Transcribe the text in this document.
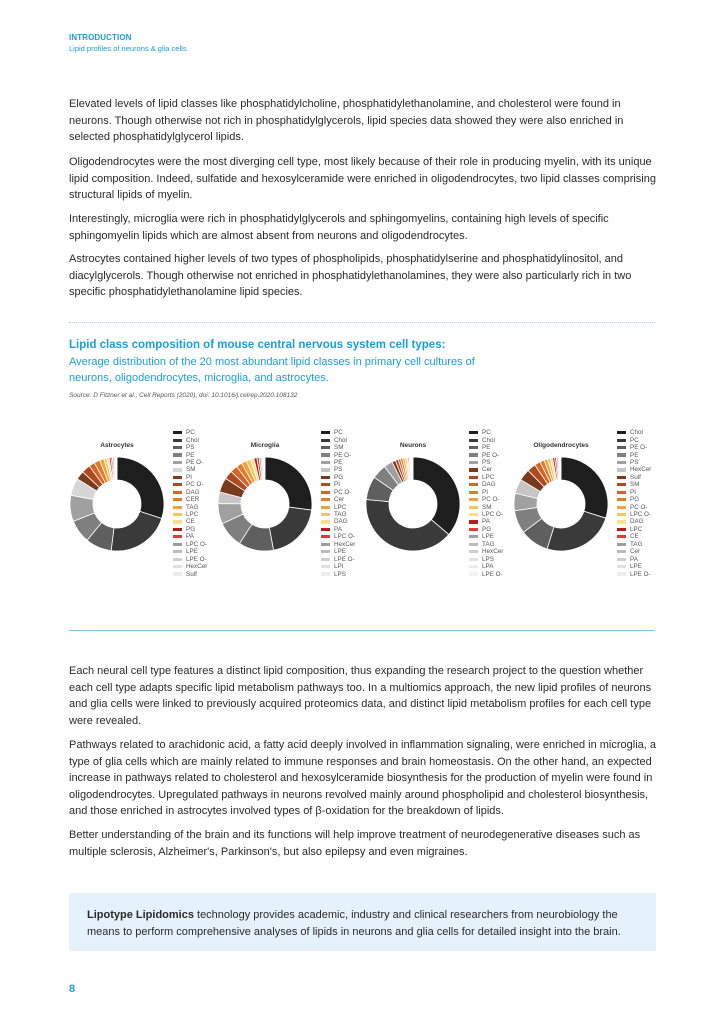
INTRODUCTION
Lipid profiles of neurons & glia cells

Elevated levels of lipid classes like phosphatidylcholine, phosphatidylethanolamine, and cholesterol were found in neurons. Though otherwise not rich in phosphatidylglycerols, lipid species data showed they were also enriched in selected phosphatidylglycerol lipids.

Oligodendrocytes were the most diverging cell type, most likely because of their role in producing myelin, with its unique lipid composition. Indeed, sulfatide and hexosylceramide were enriched in oligodendrocytes, two lipid classes comprising structural lipids of myelin.

Interestingly, microglia were rich in phosphatidylglycerols and sphingomyelins, containing high levels of specific sphingomyelin lipids which are almost absent from neurons and oligodendrocytes.

Astrocytes contained higher levels of two types of phospholipids, phosphatidylserine and phosphatidylinositol, and diacylglycerols. Though otherwise not enriched in phosphatidylethanolamines, they were also particularly rich in two specific phosphatidylethanolamine lipid species.

Lipid class composition of mouse central nervous system cell types:
Average distribution of the 20 most abundant lipid classes in primary cell cultures of neurons, oligodendrocytes, microglia, and astrocytes.
Source: D Fitzner et al., Cell Reports (2020), doi: 10.1016/j.celrep.2020.108132
Astrocytes
PC
Chol
PS
PE
PE O-
SM
PI
PC O-
DAG
CER
TAG
LPC
CE
PG
PA
LPC O-
LPE
LPE O-
HexCer
Sulf
Microglia
PC
Chol
SM
PE O-
PE
PS
PG
PI
PC O-
Cer
LPC
TAG
DAG
PA
LPC O-
HexCer
LPE
LPE O-
LPI
LPS
Neurons
PC
Chol
PE
PE O-
PS
Cer
LPC
DAG
PI
PC O-
SM
LPC O-
PA
PG
LPE
TAG
HexCer
LPS
LPA
LPE O-
Oligodendrocytes
Chol
PC
PE O-
PE
PS
HexCer
Sulf
SM
PI
PG
PC O-
LPC O-
DAG
LPC
CE
TAG
Cer
PA
LPE
LPE O-

Each neural cell type features a distinct lipid composition, thus expanding the research project to the question whether each cell type adapts specific lipid metabolism pathways too. In a multiomics approach, the new lipid profiles of neurons and glia cells were linked to previously acquired proteomics data, and distinct lipid metabolism profiles for each cell type were revealed.

Pathways related to arachidonic acid, a fatty acid deeply involved in inflammation signaling, were enriched in microglia, a type of glia cells which are mainly related to immune responses and brain homeostasis. On the other hand, an expected increase in pathways related to cholesterol and hexosylceramide biosynthesis for the production of myelin were found in oligodendrocytes. Upregulated pathways in neurons revolved mainly around phospholipid and cholesterol biosynthesis, and those enriched in astrocytes involved types of β-oxidation for the breakdown of lipids.

Better understanding of the brain and its functions will help improve treatment of neurodegenerative diseases such as multiple sclerosis, Alzheimer's, Parkinson's, but also epilepsy and even migraines.

Lipotype Lipidomics technology provides academic, industry and clinical researchers from neurobiology the means to perform comprehensive analyses of lipids in neurons and glia cells for detailed insight into the brain.

8
